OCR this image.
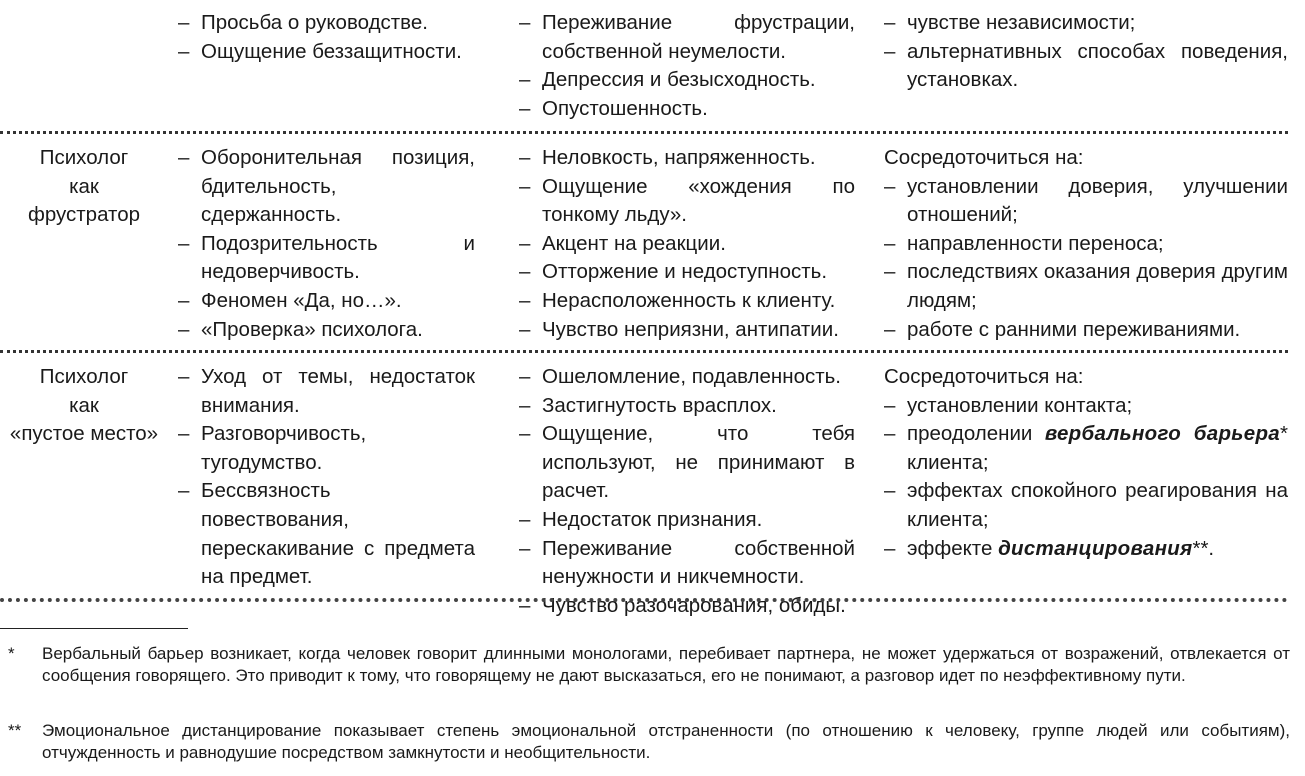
– Просьба о руководстве.
– Ощущение беззащитности.
– Переживание фрустрации, собственной неумелости.
– Депрессия и безысходность.
– Опустошенность.
– чувстве независимости;
– альтернативных способах поведения, установках.
Психолог
как
фрустратор
– Оборонительная позиция, бдительность, сдержанность.
– Подозрительность и недоверчивость.
– Феномен «Да, но…».
– «Проверка» психолога.
– Неловкость, напряженность.
– Ощущение «хождения по тонкому льду».
– Акцент на реакции.
– Отторжение и недоступность.
– Нерасположенность к клиенту.
– Чувство неприязни, антипатии.
Сосредоточиться на:
– установлении доверия, улучшении отношений;
– направленности переноса;
– последствиях оказания доверия другим людям;
– работе с ранними переживаниями.
Психолог
как
«пустое место»
– Уход от темы, недостаток внимания.
– Разговорчивость, тугодумство.
– Бессвязность повествования, перескакивание с предмета на предмет.
– Ошеломление, подавленность.
– Застигнутость врасплох.
– Ощущение, что тебя используют, не принимают в расчет.
– Недостаток признания.
– Переживание собственной ненужности и никчемности.
– Чувство разочарования, обиды.
Сосредоточиться на:
– установлении контакта;
– преодолении вербального барьера* клиента;
– эффектах спокойного реагирования на клиента;
– эффекте дистанцирования**.
*	Вербальный барьер возникает, когда человек говорит длинными монологами, перебивает партнера, не может удержаться от возражений, отвлекается от сообщения говорящего. Это приводит к тому, что говорящему не дают высказаться, его не понимают, а разговор идет по неэффективному пути.
**	Эмоциональное дистанцирование показывает степень эмоциональной отстраненности (по отношению к человеку, группе людей или событиям), отчужденность и равнодушие посредством замкнутости и необщительности.
